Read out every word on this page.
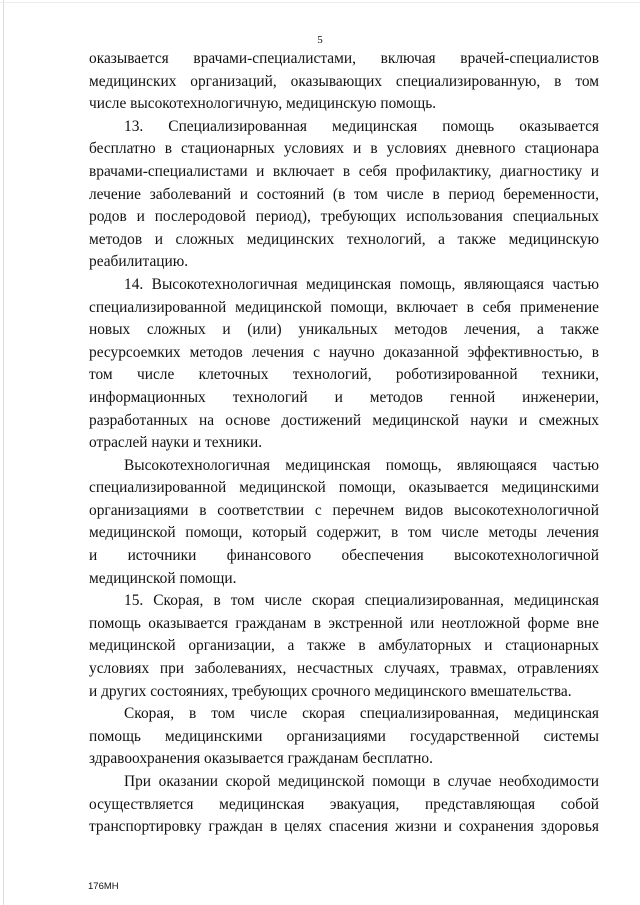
5

оказывается врачами-специалистами, включая врачей-специалистов

медицинских организаций, оказывающих специализированную, в том

числе высокотехнологичную, медицинскую помощь.

13. Специализированная медицинская помощь оказывается

бесплатно в стационарных условиях и в условиях дневного стационара

врачами-специалистами и включает в себя профилактику, диагностику и

лечение заболеваний и состояний (в том числе в период беременности,

родов и послеродовой период), требующих использования специальных

методов и сложных медицинских технологий, а также медицинскую

реабилитацию.

14. Высокотехнологичная медицинская помощь, являющаяся частью

специализированной медицинской помощи, включает в себя применение

новых сложных и (или) уникальных методов лечения, а также

ресурсоемких методов лечения с научно доказанной эффективностью, в

том числе клеточных технологий, роботизированной техники,

информационных технологий и методов генной инженерии,

разработанных на основе достижений медицинской науки и смежных

отраслей науки и техники.

Высокотехнологичная медицинская помощь, являющаяся частью

специализированной медицинской помощи, оказывается медицинскими

организациями в соответствии с перечнем видов высокотехнологичной

медицинской помощи, который содержит, в том числе методы лечения

и источники финансового обеспечения высокотехнологичной

медицинской помощи.

15. Скорая, в том числе скорая специализированная, медицинская

помощь оказывается гражданам в экстренной или неотложной форме вне

медицинской организации, а также в амбулаторных и стационарных

условиях при заболеваниях, несчастных случаях, травмах, отравлениях

и других состояниях, требующих срочного медицинского вмешательства.

Скорая, в том числе скорая специализированная, медицинская

помощь медицинскими организациями государственной системы

здравоохранения оказывается гражданам бесплатно.

При оказании скорой медицинской помощи в случае необходимости

осуществляется медицинская эвакуация, представляющая собой

транспортировку граждан в целях спасения жизни и сохранения здоровья

176МН
